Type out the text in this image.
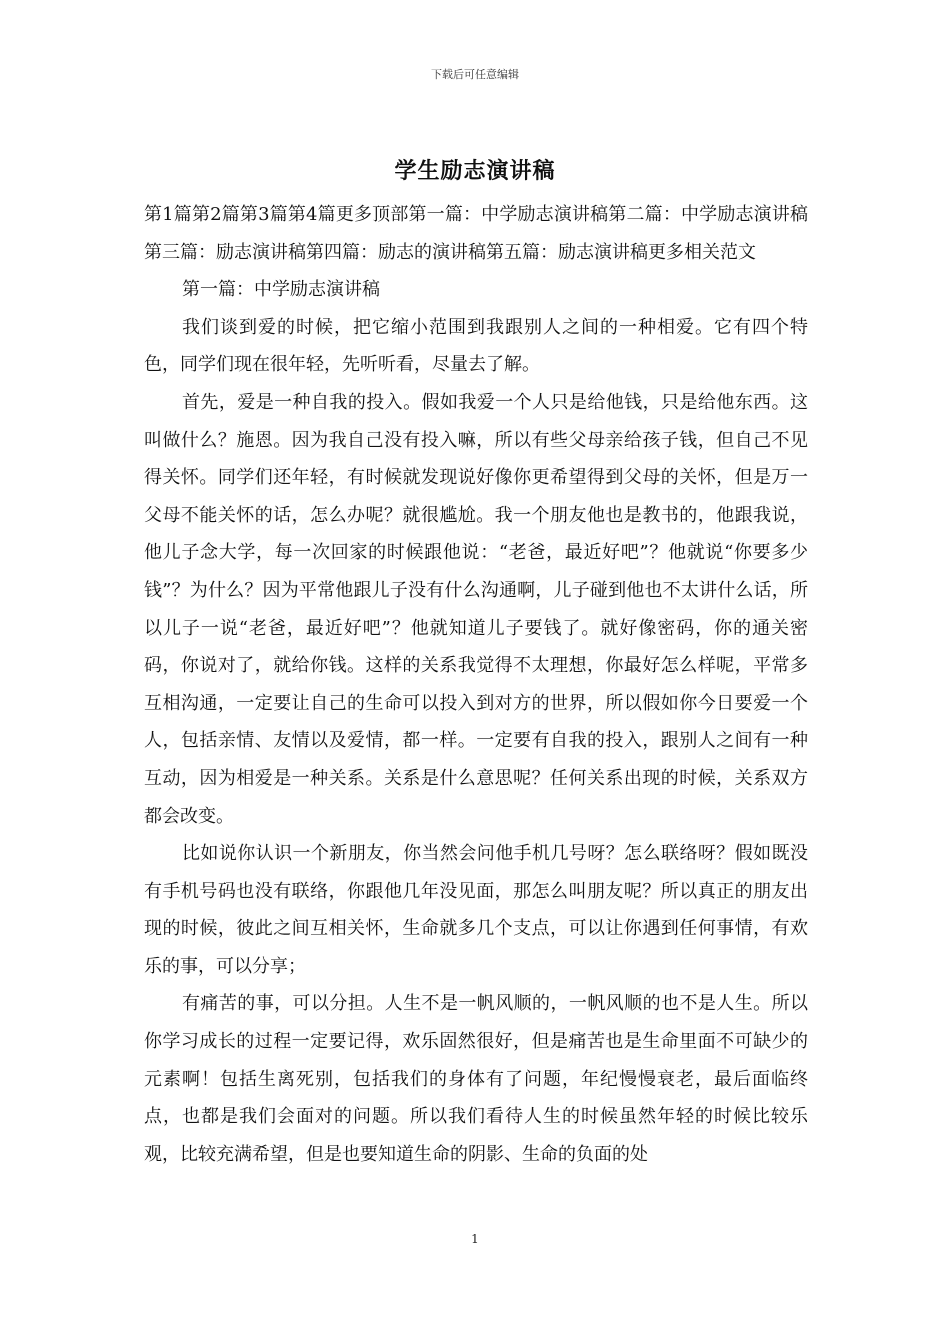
下载后可任意编辑
学生励志演讲稿

第1篇第2篇第3篇第4篇更多顶部第一篇：中学励志演讲稿第二篇：中学励志演讲稿第三篇：励志演讲稿第四篇：励志的演讲稿第五篇：励志演讲稿更多相关范文

第一篇：中学励志演讲稿

我们谈到爱的时候，把它缩小范围到我跟别人之间的一种相爱。它有四个特色，同学们现在很年轻，先听听看，尽量去了解。

首先，爱是一种自我的投入。假如我爱一个人只是给他钱，只是给他东西。这叫做什么？施恩。因为我自己没有投入嘛，所以有些父母亲给孩子钱，但自己不见得关怀。同学们还年轻，有时候就发现说好像你更希望得到父母的关怀，但是万一父母不能关怀的话，怎么办呢？就很尴尬。我一个朋友他也是教书的，他跟我说，他儿子念大学，每一次回家的时候跟他说：“老爸，最近好吧”？他就说“你要多少钱”？为什么？因为平常他跟儿子没有什么沟通啊，儿子碰到他也不太讲什么话，所以儿子一说“老爸，最近好吧”？他就知道儿子要钱了。就好像密码，你的通关密码，你说对了，就给你钱。这样的关系我觉得不太理想，你最好怎么样呢，平常多互相沟通，一定要让自己的生命可以投入到对方的世界，所以假如你今日要爱一个人，包括亲情、友情以及爱情，都一样。一定要有自我的投入，跟别人之间有一种互动，因为相爱是一种关系。关系是什么意思呢？任何关系出现的时候，关系双方都会改变。

比如说你认识一个新朋友，你当然会问他手机几号呀？怎么联络呀？假如既没有手机号码也没有联络，你跟他几年没见面，那怎么叫朋友呢？所以真正的朋友出现的时候，彼此之间互相关怀，生命就多几个支点，可以让你遇到任何事情，有欢乐的事，可以分享；

有痛苦的事，可以分担。人生不是一帆风顺的，一帆风顺的也不是人生。所以你学习成长的过程一定要记得，欢乐固然很好，但是痛苦也是生命里面不可缺少的元素啊！包括生离死别，包括我们的身体有了问题，年纪慢慢衰老，最后面临终点，也都是我们会面对的问题。所以我们看待人生的时候虽然年轻的时候比较乐观，比较充满希望，但是也要知道生命的阴影、生命的负面的处

1
